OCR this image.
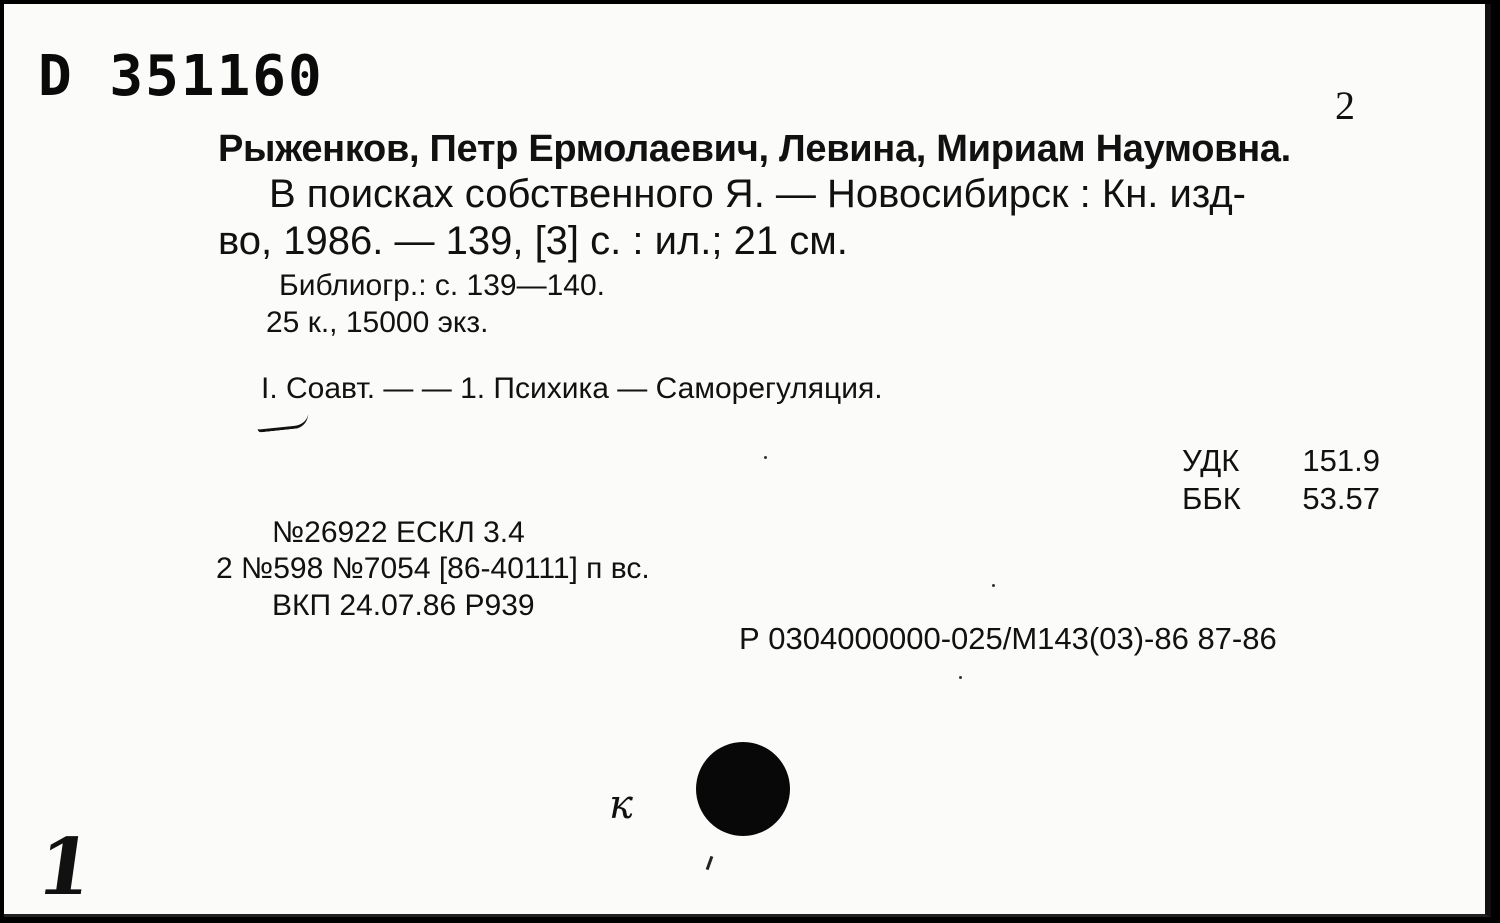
D 351160	2
Рыженков, Петр Ермолаевич, Левина, Мириам Наумовна.
В поисках собственного Я. — Новосибирск : Кн. изд-
во, 1986. — 139, [3] с. : ил.; 21 см.
Библиогр.: с. 139—140.
25 к., 15000 экз.
I. Соавт. — — 1. Психика — Саморегуляция.
УДК	151.9
ББК	53.57
№26922 ЕСКЛ 3.4
2 №598 №7054 [86-40111] п вс.
ВКП 24.07.86 Р939
Р 0304000000-025/М143(03)-86 87-86
к
1
